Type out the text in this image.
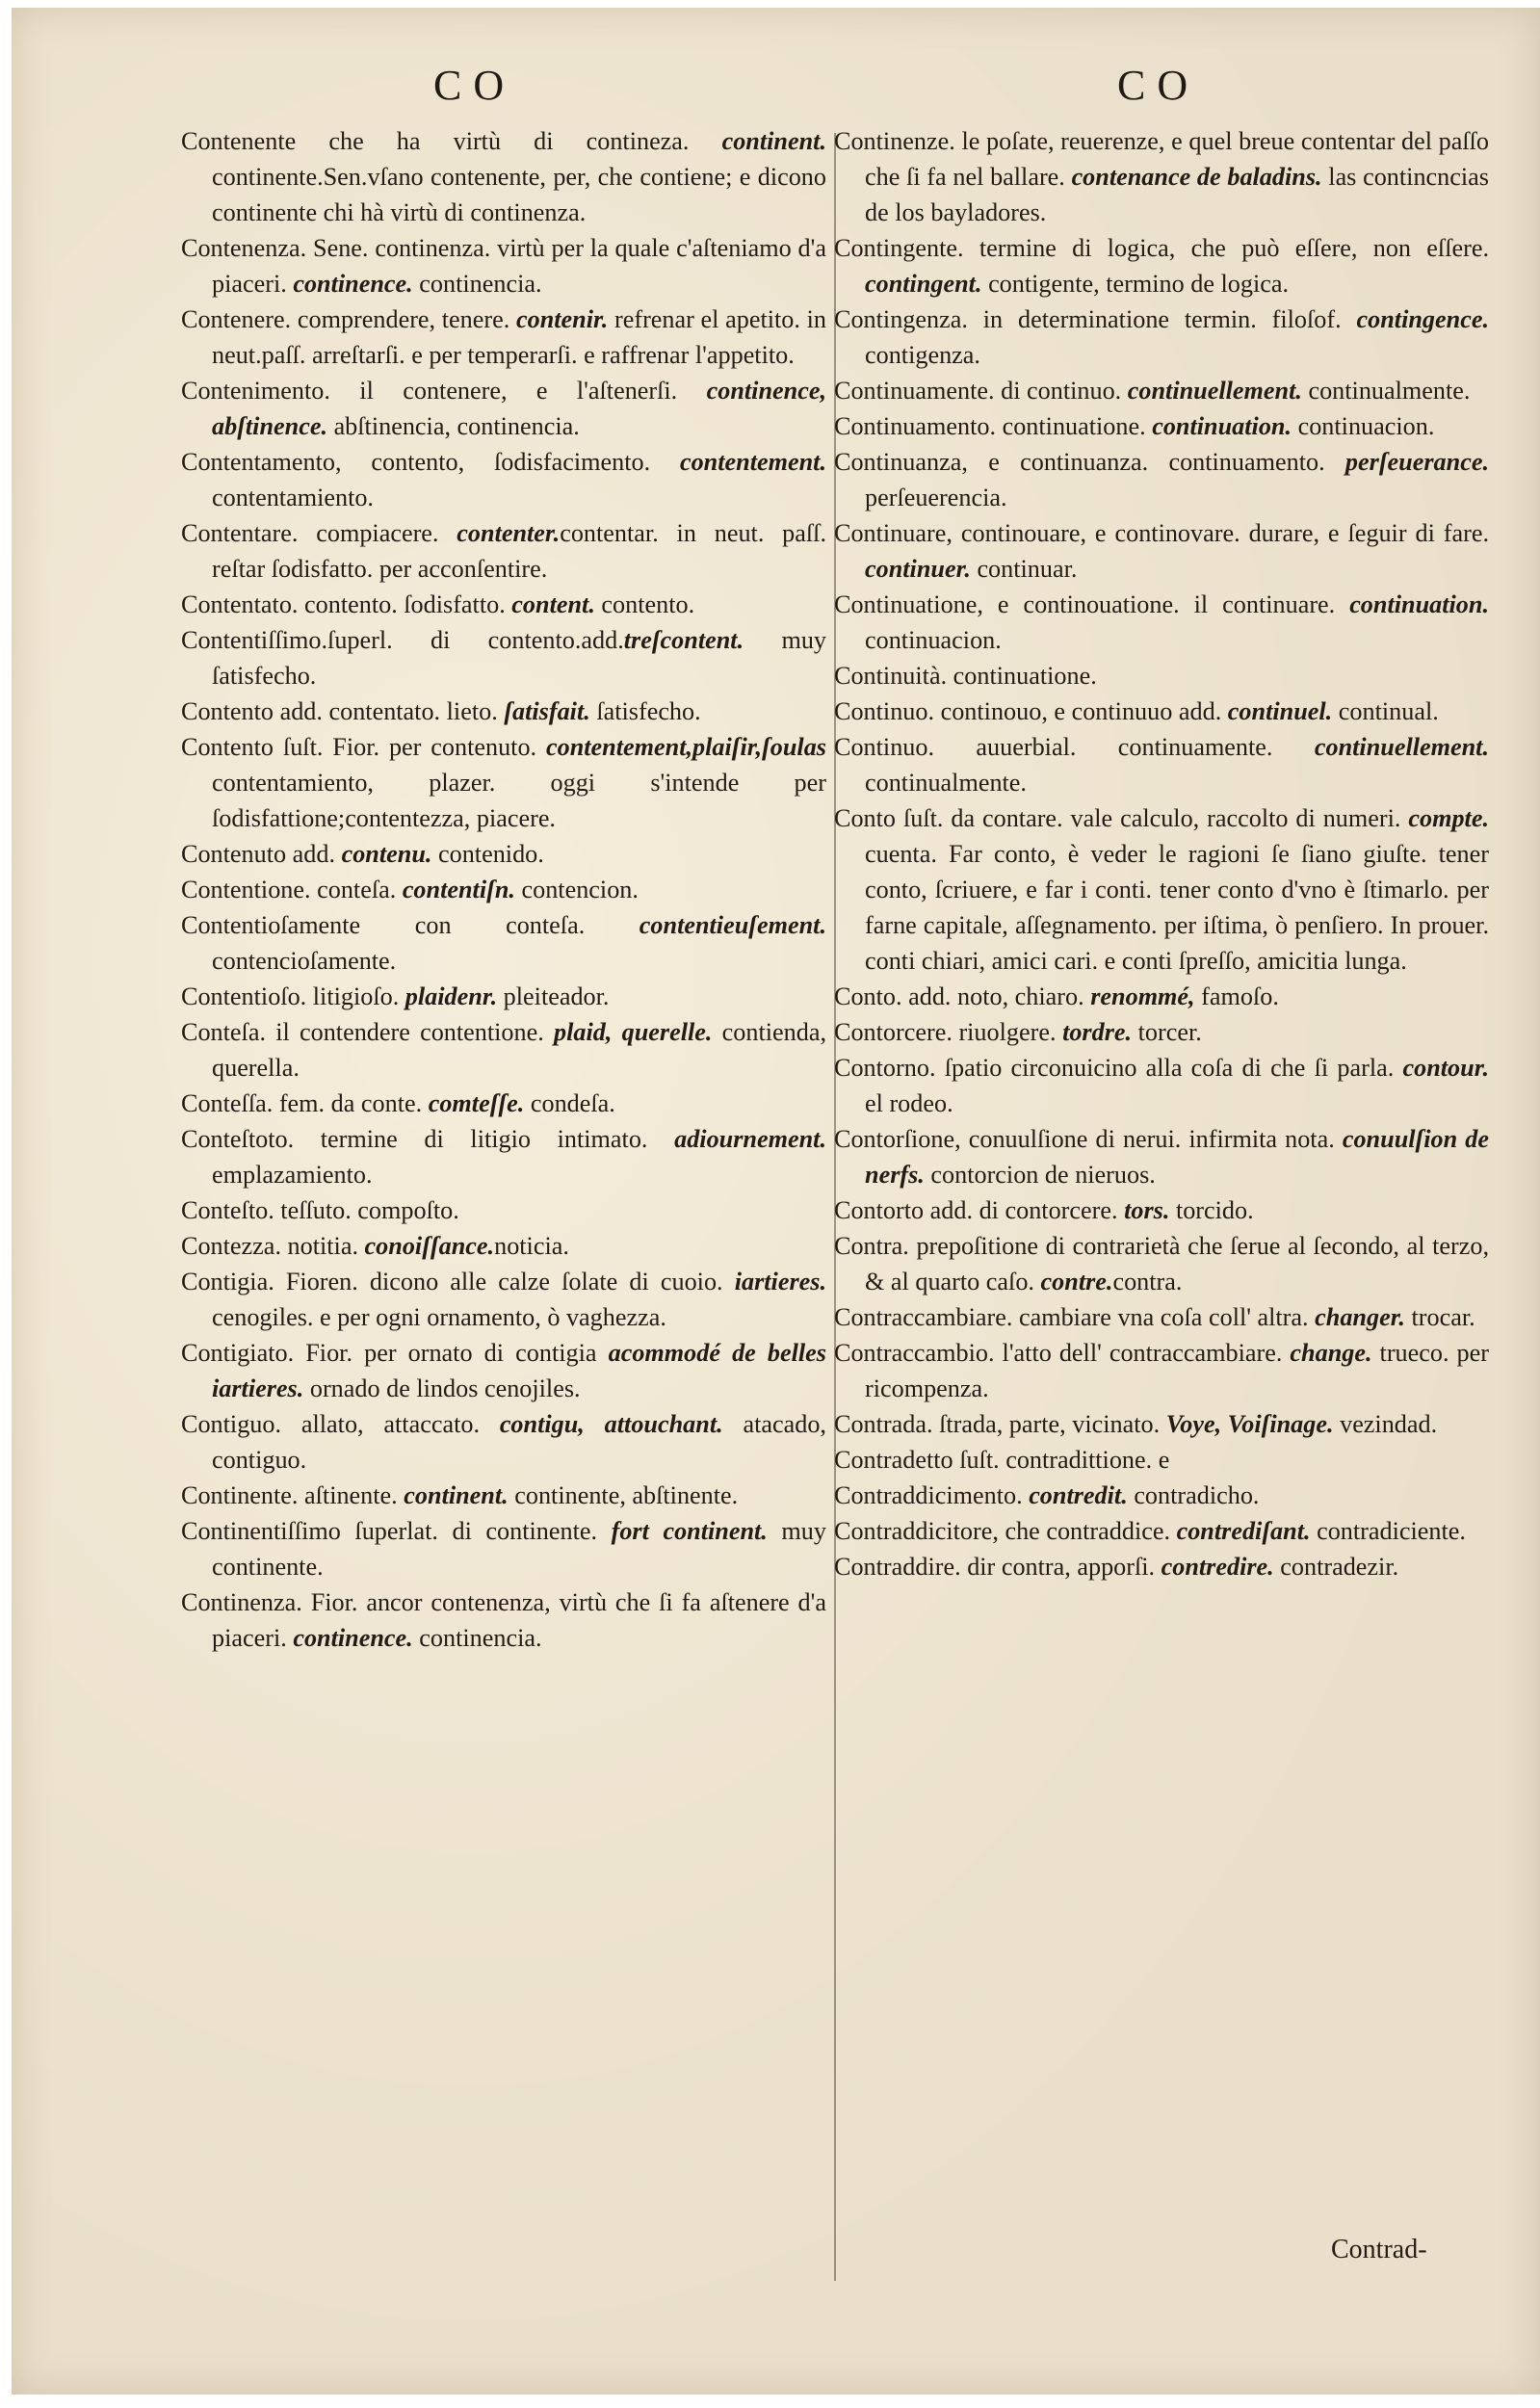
CO	CO
Contenente che ha virtù di contineza. continent. continente.Sen.vſano contenente, per, che contiene; e dicono continente chi hà virtù di continenza.
Contenenza. Sene. continenza. virtù per la quale c'aſteniamo d'a piaceri. continence. continencia.
Contenere. comprendere, tenere. contenir. refrenar el apetito. in neut.paſſ. arreſtarſi. e per temperarſi. e raffrenar l'appetito.
Contenimento. il contenere, e l'aſtenerſi. continence, abſtinence. abſtinencia, continencia.
Contentamento, contento, ſodisfacimento. contentement. contentamiento.
Contentare. compiacere. contenter.contentar. in neut. paſſ. reſtar ſodisfatto. per acconſentire.
Contentato. contento. ſodisfatto. content. contento.
Contentiſſimo.ſuperl. di contento.add.treſcontent. muy ſatisfecho.
Contento add. contentato. lieto. ſatisfait. ſatisfecho.
Contento ſuſt. Fior. per contenuto. contentement,plaiſir,ſoulas contentamiento, plazer. oggi s'intende per ſodisfattione;contentezza, piacere.
Contenuto add. contenu. contenido.
Contentione. conteſa. contentiſn. contencion.
Contentioſamente con conteſa. contentieuſement. contencioſamente.
Contentioſo. litigioſo. plaidenr. pleiteador.
Conteſa. il contendere contentione. plaid, querelle. contienda, querella.
Conteſſa. fem. da conte. comteſſe. condeſa.
Conteſtoto. termine di litigio intimato. adiournement. emplazamiento.
Conteſto. teſſuto. compoſto.
Contezza. notitia. conoiſſance.noticia.
Contigia. Fioren. dicono alle calze ſolate di cuoio. iartieres. cenogiles. e per ogni ornamento, ò vaghezza.
Contigiato. Fior. per ornato di contigia acommodé de belles iartieres. ornado de lindos cenojiles.
Contiguo. allato, attaccato. contigu, attouchant. atacado, contiguo.
Continente. aſtinente. continent. continente, abſtinente.
Continentiſſimo ſuperlat. di continente. fort continent. muy continente.
Continenza. Fior. ancor contenenza, virtù che ſi fa aſtenere d'a piaceri. continence. continencia.
Continenze. le poſate, reuerenze, e quel breue contentar del paſſo che ſi fa nel ballare. contenance de baladins. las contincncias de los bayladores.
Contingente. termine di logica, che può eſſere, non eſſere. contingent. contigente, termino de logica.
Contingenza. in determinatione termin. filoſof. contingence. contigenza.
Continuamente. di continuo. continuellement. continualmente.
Continuamento. continuatione. continuation. continuacion.
Continuanza, e continuanza. continuamento. perſeuerance. perſeuerencia.
Continuare, continouare, e continovare. durare, e ſeguir di fare. continuer. continuar.
Continuatione, e continouatione. il continuare. continuation. continuacion.
Continuità. continuatione.
Continuo. continouo, e continuuo add. continuel. continual.
Continuo. auuerbial. continuamente. continuellement. continualmente.
Conto ſuſt. da contare. vale calculo, raccolto di numeri. compte. cuenta. Far conto, è veder le ragioni ſe ſiano giuſte. tener conto, ſcriuere, e far i conti. tener conto d'vno è ſtimarlo. per farne capitale, aſſegnamento. per iſtima, ò penſiero. In prouer. conti chiari, amici cari. e conti ſpreſſo, amicitia lunga.
Conto. add. noto, chiaro. renommé, famoſo.
Contorcere. riuolgere. tordre. torcer.
Contorno. ſpatio circonuicino alla coſa di che ſi parla. contour. el rodeo.
Contorſione, conuulſione di nerui. infirmita nota. conuulſion de nerfs. contorcion de nieruos.
Contorto add. di contorcere. tors. torcido.
Contra. prepoſitione di contrarietà che ſerue al ſecondo, al terzo, & al quarto caſo. contre.contra.
Contraccambiare. cambiare vna coſa coll' altra. changer. trocar.
Contraccambio. l'atto dell' contraccambiare. change. trueco. per ricompenza.
Contrada. ſtrada, parte, vicinato. Voye, Voiſinage. vezindad.
Contradetto ſuſt. contradittione. e
Contraddicimento. contredit. contradicho.
Contraddicitore, che contraddice. contrediſant. contradiciente.
Contraddire. dir contra, apporſi. contredire. contradezir.
Contrad-
